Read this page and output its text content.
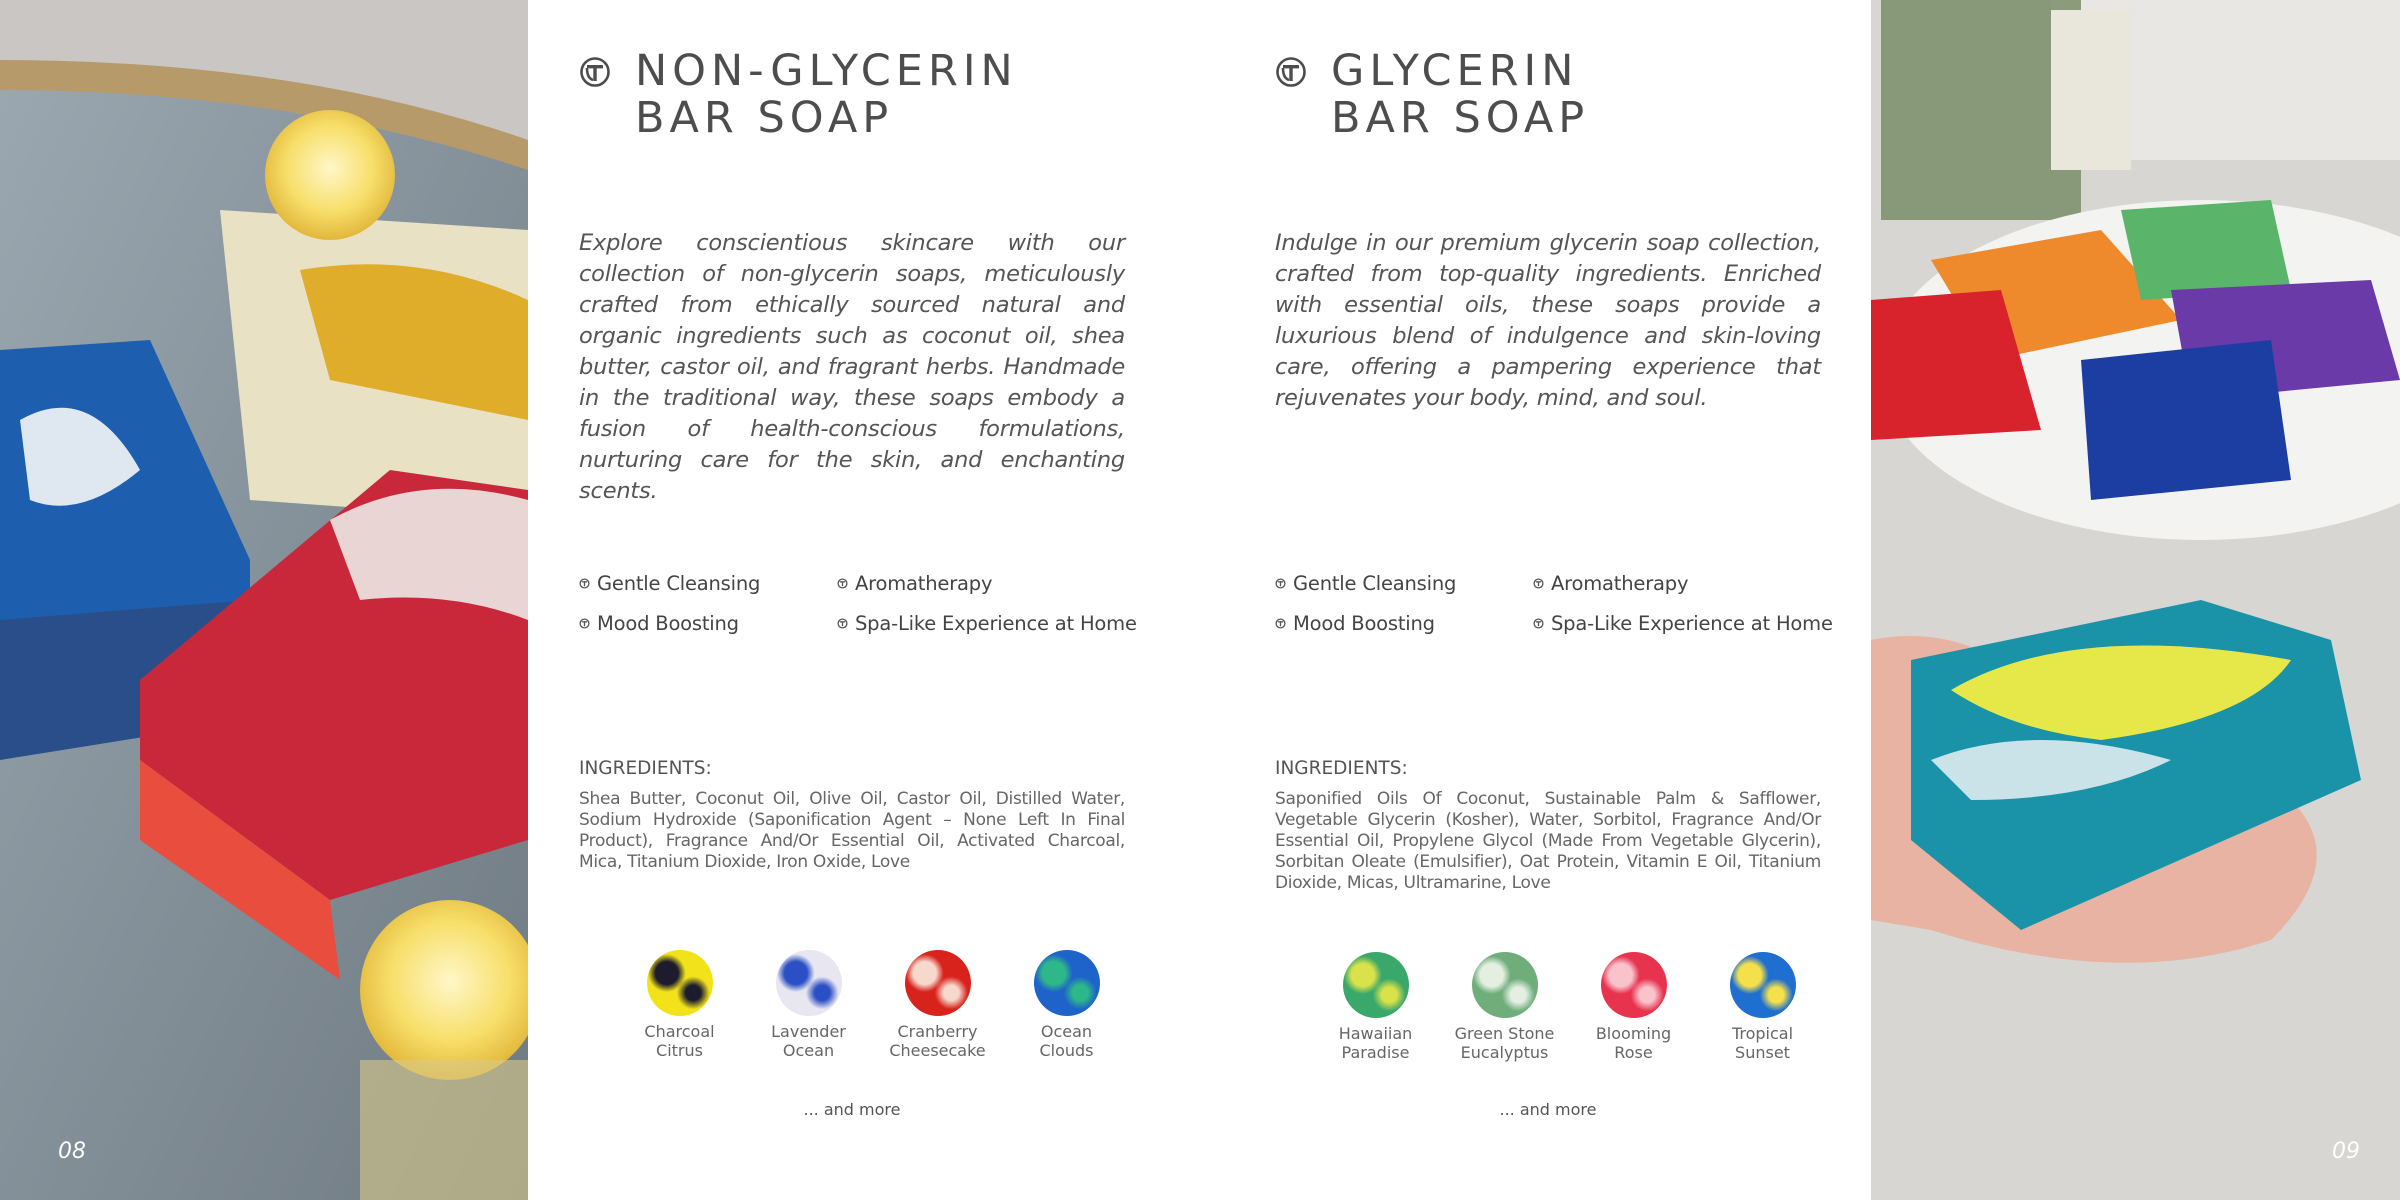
08	09
NON-GLYCERIN
BAR SOAP

Explore conscientious skincare with our collection of non-glycerin soaps, meticulously crafted from ethically sourced natural and organic ingredients such as coconut oil, shea butter, castor oil, and fragrant herbs. Handmade in the traditional way, these soaps embody a fusion of health-conscious formulations, nurturing care for the skin, and enchanting scents.

Gentle Cleansing	Aromatherapy
Mood Boosting	Spa-Like Experience at Home
INGREDIENTS:

Shea Butter, Coconut Oil, Olive Oil, Castor Oil, Distilled Water, Sodium Hydroxide (Saponification Agent – None Left In Final Product), Fragrance And/Or Essential Oil, Activated Charcoal, Mica, Titanium Dioxide, Iron Oxide, Love

Charcoal
Citrus
Lavender
Ocean
Cranberry
Cheesecake
Ocean
Clouds
... and more
GLYCERIN
BAR SOAP

Indulge in our premium glycerin soap collection, crafted from top-quality ingredients. Enriched with essential oils, these soaps provide a luxurious blend of indulgence and skin-loving care, offering a pampering experience that rejuvenates your body, mind, and soul.

Gentle Cleansing	Aromatherapy
Mood Boosting	Spa-Like Experience at Home
INGREDIENTS:

Saponified Oils Of Coconut, Sustainable Palm & Safflower, Vegetable Glycerin (Kosher), Water, Sorbitol, Fragrance And/Or Essential Oil, Propylene Glycol (Made From Vegetable Glycerin), Sorbitan Oleate (Emulsifier), Oat Protein, Vitamin E Oil, Titanium Dioxide, Micas, Ultramarine, Love

Hawaiian
Paradise
Green Stone
Eucalyptus
Blooming
Rose
Tropical
Sunset
... and more
